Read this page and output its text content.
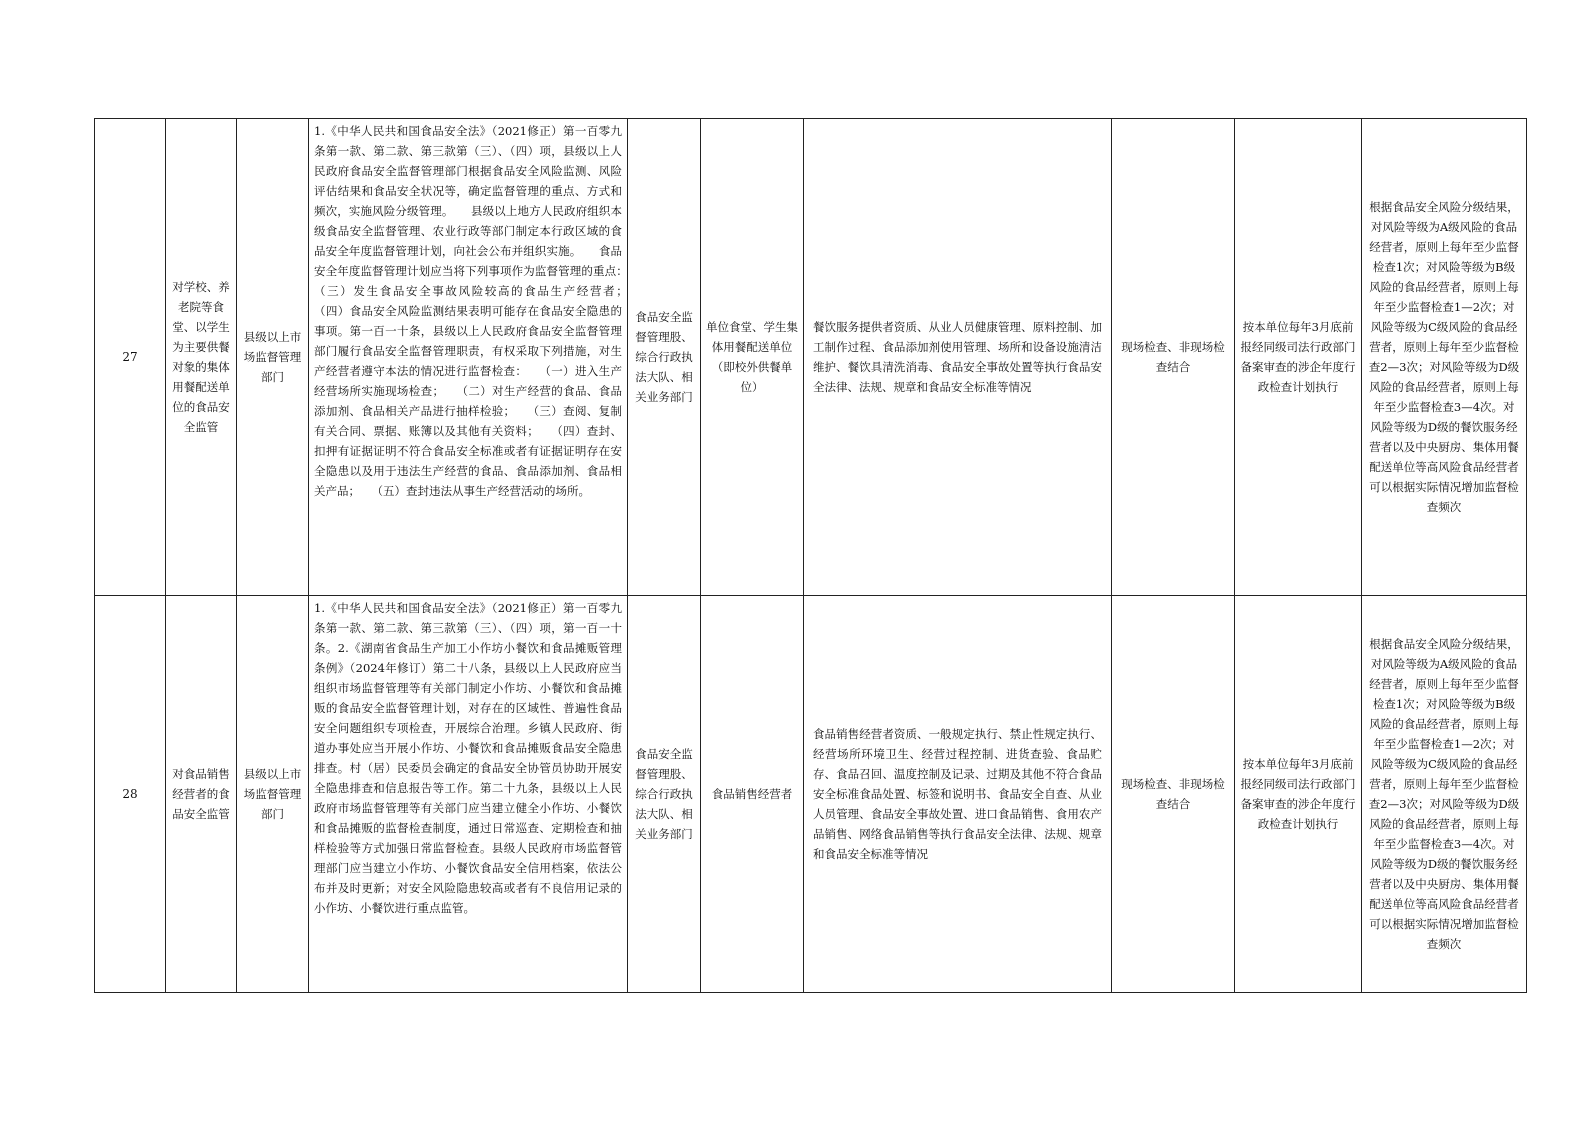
27	对学校、养老院等食堂、以学生为主要供餐对象的集体用餐配送单位的食品安全监管	县级以上市场监督管理部门	1.《中华人民共和国食品安全法》（2021修正）第一百零九条第一款、第二款、第三款第（三）、（四）项，县级以上人民政府食品安全监督管理部门根据食品安全风险监测、风险评估结果和食品安全状况等，确定监督管理的重点、方式和频次，实施风险分级管理。　　县级以上地方人民政府组织本级食品安全监督管理、农业行政等部门制定本行政区域的食品安全年度监督管理计划，向社会公布并组织实施。　　食品安全年度监督管理计划应当将下列事项作为监督管理的重点：　　（三）发生食品安全事故风险较高的食品生产经营者；　　（四）食品安全风险监测结果表明可能存在食品安全隐患的事项。第一百一十条，县级以上人民政府食品安全监督管理部门履行食品安全监督管理职责，有权采取下列措施，对生产经营者遵守本法的情况进行监督检查：　　（一）进入生产经营场所实施现场检查；　　（二）对生产经营的食品、食品添加剂、食品相关产品进行抽样检验；　　（三）查阅、复制有关合同、票据、账簿以及其他有关资料；　　（四）查封、扣押有证据证明不符合食品安全标准或者有证据证明存在安全隐患以及用于违法生产经营的食品、食品添加剂、食品相关产品；　　（五）查封违法从事生产经营活动的场所。	食品安全监督管理股、综合行政执法大队、相关业务部门	单位食堂、学生集体用餐配送单位（即校外供餐单位）	餐饮服务提供者资质、从业人员健康管理、原料控制、加工制作过程、食品添加剂使用管理、场所和设备设施清洁维护、餐饮具清洗消毒、食品安全事故处置等执行食品安全法律、法规、规章和食品安全标准等情况	现场检查、非现场检查结合	按本单位每年3月底前报经同级司法行政部门备案审查的涉企年度行政检查计划执行	根据食品安全风险分级结果，对风险等级为A级风险的食品经营者，原则上每年至少监督检查1次；对风险等级为B级风险的食品经营者，原则上每年至少监督检查1—2次；对风险等级为C级风险的食品经营者，原则上每年至少监督检查2—3次；对风险等级为D级风险的食品经营者，原则上每年至少监督检查3—4次。对风险等级为D级的餐饮服务经营者以及中央厨房、集体用餐配送单位等高风险食品经营者可以根据实际情况增加监督检查频次
28	对食品销售经营者的食品安全监管	县级以上市场监督管理部门	1.《中华人民共和国食品安全法》（2021修正）第一百零九条第一款、第二款、第三款第（三）、（四）项，第一百一十条。2.《湖南省食品生产加工小作坊小餐饮和食品摊贩管理条例》（2024年修订）第二十八条，县级以上人民政府应当组织市场监督管理等有关部门制定小作坊、小餐饮和食品摊贩的食品安全监督管理计划，对存在的区域性、普遍性食品安全问题组织专项检查，开展综合治理。乡镇人民政府、街道办事处应当开展小作坊、小餐饮和食品摊贩食品安全隐患排查。村（居）民委员会确定的食品安全协管员协助开展安全隐患排查和信息报告等工作。第二十九条，县级以上人民政府市场监督管理等有关部门应当建立健全小作坊、小餐饮和食品摊贩的监督检查制度，通过日常巡查、定期检查和抽样检验等方式加强日常监督检查。县级人民政府市场监督管理部门应当建立小作坊、小餐饮食品安全信用档案，依法公布并及时更新；对安全风险隐患较高或者有不良信用记录的小作坊、小餐饮进行重点监管。	食品安全监督管理股、综合行政执法大队、相关业务部门	食品销售经营者	食品销售经营者资质、一般规定执行、禁止性规定执行、经营场所环境卫生、经营过程控制、进货查验、食品贮存、食品召回、温度控制及记录、过期及其他不符合食品安全标准食品处置、标签和说明书、食品安全自查、从业人员管理、食品安全事故处置、进口食品销售、食用农产品销售、网络食品销售等执行食品安全法律、法规、规章和食品安全标准等情况	现场检查、非现场检查结合	按本单位每年3月底前报经同级司法行政部门备案审查的涉企年度行政检查计划执行	根据食品安全风险分级结果，对风险等级为A级风险的食品经营者，原则上每年至少监督检查1次；对风险等级为B级风险的食品经营者，原则上每年至少监督检查1—2次；对风险等级为C级风险的食品经营者，原则上每年至少监督检查2—3次；对风险等级为D级风险的食品经营者，原则上每年至少监督检查3—4次。对风险等级为D级的餐饮服务经营者以及中央厨房、集体用餐配送单位等高风险食品经营者可以根据实际情况增加监督检查频次
